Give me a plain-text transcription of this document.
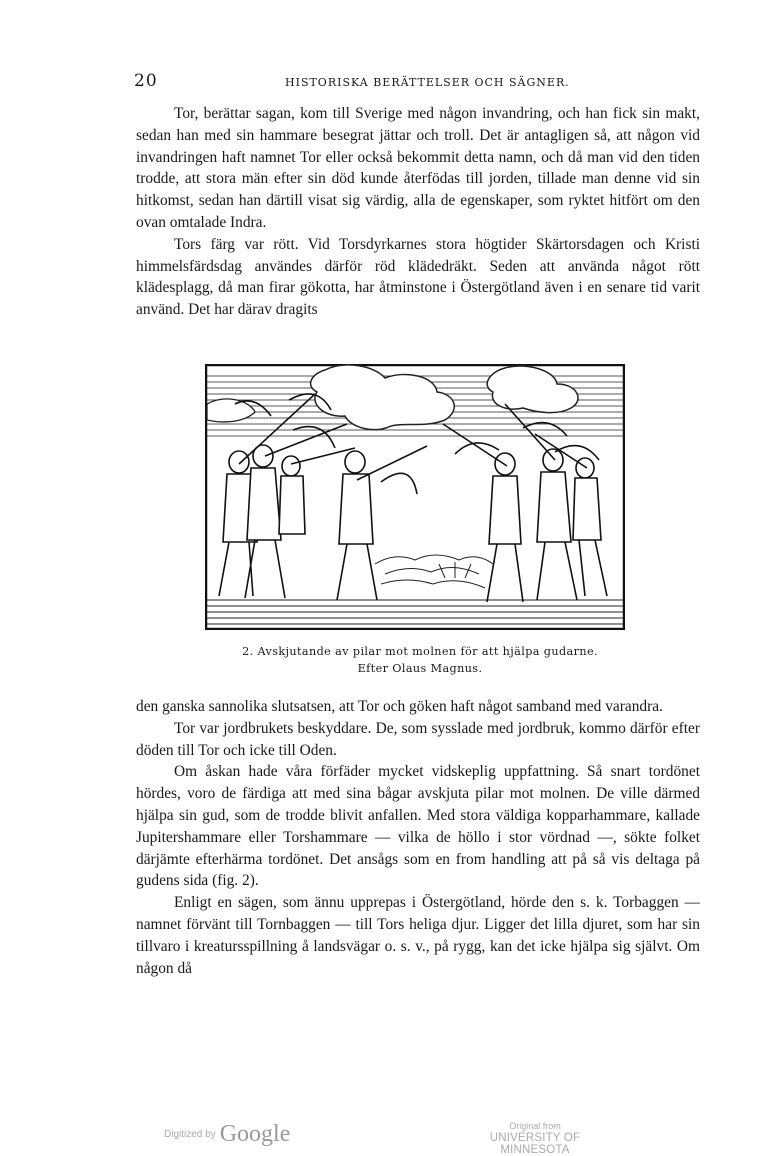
20	HISTORISKA BERÄTTELSER OCH SÄGNER.

Tor, berättar sagan, kom till Sverige med någon invandring, och han fick sin makt, sedan han med sin hammare besegrat jättar och troll. Det är antagligen så, att någon vid invandringen haft namnet Tor eller också bekommit detta namn, och då man vid den tiden trodde, att stora män efter sin död kunde återfödas till jorden, tillade man denne vid sin hitkomst, sedan han därtill visat sig värdig, alla de egenskaper, som ryktet hitfört om den ovan omtalade Indra.

Tors färg var rött. Vid Torsdyrkarnes stora högtider Skärtorsdagen och Kristi himmelsfärdsdag användes därför röd klädedräkt. Seden att använda något rött klädesplagg, då man firar gökotta, har åtminstone i Östergötland även i en senare tid varit använd. Det har därav dragits

2. Avskjutande av pilar mot molnen för att hjälpa gudarne.
Efter Olaus Magnus.

den ganska sannolika slutsatsen, att Tor och göken haft något samband med varandra.

Tor var jordbrukets beskyddare. De, som sysslade med jordbruk, kommo därför efter döden till Tor och icke till Oden.

Om åskan hade våra förfäder mycket vidskeplig uppfattning. Så snart tordönet hördes, voro de färdiga att med sina bågar avskjuta pilar mot molnen. De ville därmed hjälpa sin gud, som de trodde blivit anfallen. Med stora väldiga kopparhammare, kallade Jupitershammare eller Torshammare — vilka de höllo i stor vördnad —, sökte folket därjämte efterhärma tordönet. Det ansågs som en from handling att på så vis deltaga på gudens sida (fig. 2).

Enligt en sägen, som ännu upprepas i Östergötland, hörde den s. k. Torbaggen — namnet förvänt till Tornbaggen — till Tors heliga djur. Ligger det lilla djuret, som har sin tillvaro i kreatursspillning å landsvägar o. s. v., på rygg, kan det icke hjälpa sig självt. Om någon då

Digitized by Google	Original from
UNIVERSITY OF MINNESOTA
